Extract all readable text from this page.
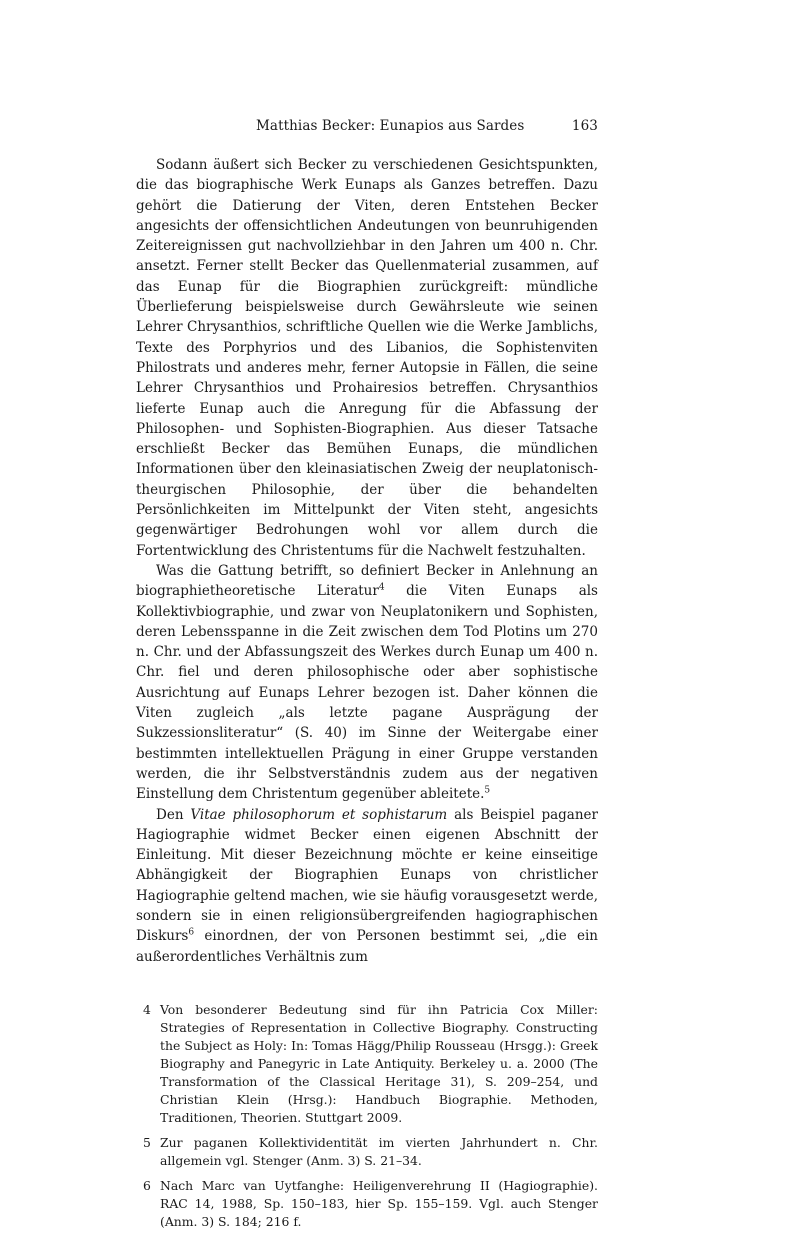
Matthias Becker: Eunapios aus Sardes	163

Sodann äußert sich Becker zu verschiedenen Gesichtspunkten, die das biographische Werk Eunaps als Ganzes betreffen. Dazu gehört die Datierung der Viten, deren Entstehen Becker angesichts der offensichtlichen Andeutungen von beunruhigenden Zeitereignissen gut nachvollziehbar in den Jahren um 400 n. Chr. ansetzt. Ferner stellt Becker das Quellenmaterial zusammen, auf das Eunap für die Biographien zurückgreift: mündliche Überlieferung beispielsweise durch Gewährsleute wie seinen Lehrer Chrysanthios, schriftliche Quellen wie die Werke Jamblichs, Texte des Porphyrios und des Libanios, die Sophistenviten Philostrats und anderes mehr, ferner Autopsie in Fällen, die seine Lehrer Chrysanthios und Prohairesios betreffen. Chrysanthios lieferte Eunap auch die Anregung für die Abfassung der Philosophen- und Sophisten-Biographien. Aus dieser Tatsache erschließt Becker das Bemühen Eunaps, die mündlichen Informationen über den kleinasiatischen Zweig der neuplatonisch-theurgischen Philosophie, der über die behandelten Persönlichkeiten im Mittelpunkt der Viten steht, angesichts gegenwärtiger Bedrohungen wohl vor allem durch die Fortentwicklung des Christentums für die Nachwelt festzuhalten.

Was die Gattung betrifft, so definiert Becker in Anlehnung an biographietheoretische Literatur$^4$ die Viten Eunaps als Kollektivbiographie, und zwar von Neuplatonikern und Sophisten, deren Lebensspanne in die Zeit zwischen dem Tod Plotins um 270 n. Chr. und der Abfassungszeit des Werkes durch Eunap um 400 n. Chr. fiel und deren philosophische oder aber sophistische Ausrichtung auf Eunaps Lehrer bezogen ist. Daher können die Viten zugleich „als letzte pagane Ausprägung der Sukzessionsliteratur“ (S. 40) im Sinne der Weitergabe einer bestimmten intellektuellen Prägung in einer Gruppe verstanden werden, die ihr Selbstverständnis zudem aus der negativen Einstellung dem Christentum gegenüber ableitete.$^5$

Den Vitae philosophorum et sophistarum als Beispiel paganer Hagiographie widmet Becker einen eigenen Abschnitt der Einleitung. Mit dieser Bezeichnung möchte er keine einseitige Abhängigkeit der Biographien Eunaps von christlicher Hagiographie geltend machen, wie sie häufig vorausgesetzt werde, sondern sie in einen religionsübergreifenden hagiographischen Diskurs$^6$ einordnen, der von Personen bestimmt sei, „die ein außerordentliches Verhältnis zum

4 Von besonderer Bedeutung sind für ihn Patricia Cox Miller: Strategies of Representation in Collective Biography. Constructing the Subject as Holy: In: Tomas Hägg/Philip Rousseau (Hrsgg.): Greek Biography and Panegyric in Late Antiquity. Berkeley u. a. 2000 (The Transformation of the Classical Heritage 31), S. 209–254, und Christian Klein (Hrsg.): Handbuch Biographie. Methoden, Traditionen, Theorien. Stuttgart 2009.
5 Zur paganen Kollektividentität im vierten Jahrhundert n. Chr. allgemein vgl. Stenger (Anm. 3) S. 21–34.
6 Nach Marc van Uytfanghe: Heiligenverehrung II (Hagiographie). RAC 14, 1988, Sp. 150–183, hier Sp. 155–159. Vgl. auch Stenger (Anm. 3) S. 184; 216 f.
